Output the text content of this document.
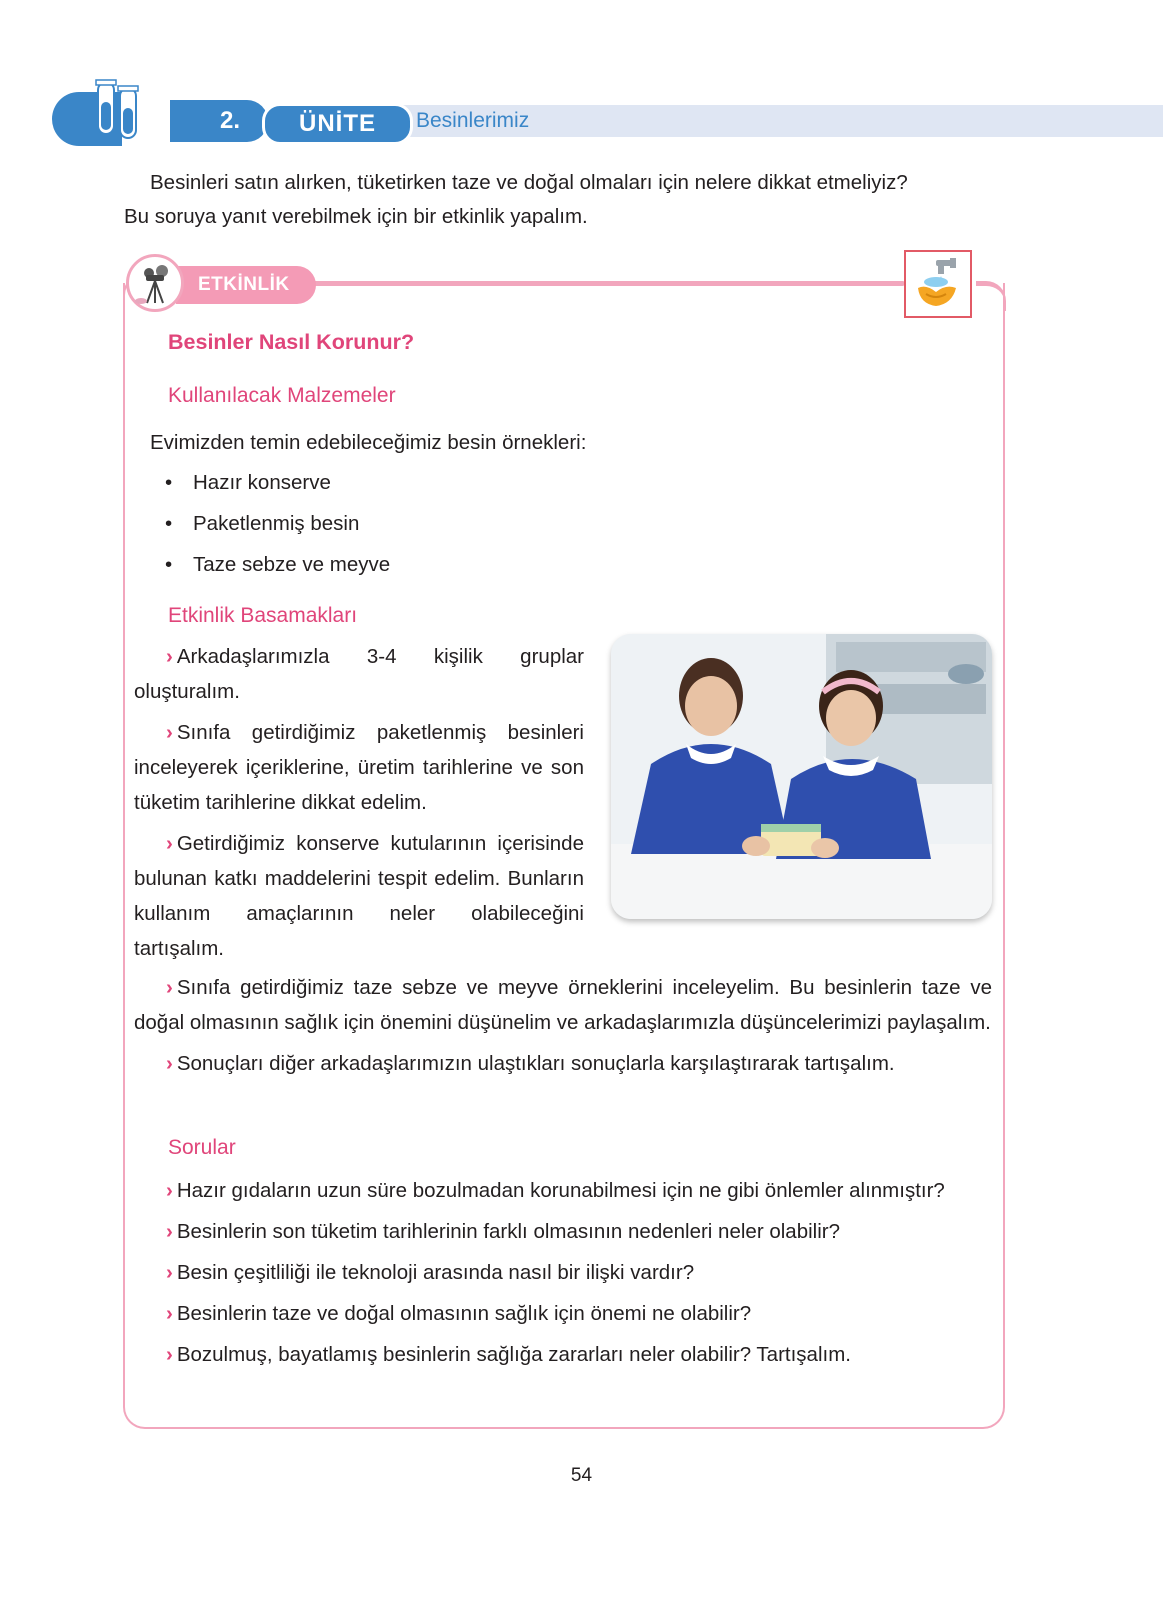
2.	ÜNİTE	Besinlerimiz

Besinleri satın alırken, tüketirken taze ve doğal olmaları için nelere dikkat etmeliyiz?

Bu soruya yanıt verebilmek için bir etkinlik yapalım.

ETKİNLİK
Besinler Nasıl Korunur?
Kullanılacak Malzemeler
Evimizden temin edebileceğimiz besin örnekleri:
• Hazır konserve
• Paketlenmiş besin
• Taze sebze ve meyve
Etkinlik Basamakları

› Arkadaşlarımızla 3-4 kişilik gruplar oluşturalım.

› Sınıfa getirdiğimiz paketlenmiş besinleri inceleyerek içeriklerine, üretim tarihlerine ve son tüketim tarihlerine dikkat edelim.

› Getirdiğimiz konserve kutularının içerisinde bulunan katkı maddelerini tespit edelim. Bunların kullanım amaçlarının neler olabileceğini tartışalım.

› Sınıfa getirdiğimiz taze sebze ve meyve örneklerini inceleyelim. Bu besinlerin taze ve doğal olmasının sağlık için önemini düşünelim ve arkadaşlarımızla düşüncelerimizi paylaşalım.

› Sonuçları diğer arkadaşlarımızın ulaştıkları sonuçlarla karşılaştırarak tartışalım.

Sorular

› Hazır gıdaların uzun süre bozulmadan korunabilmesi için ne gibi önlemler alınmıştır?

› Besinlerin son tüketim tarihlerinin farklı olmasının nedenleri neler olabilir?

› Besin çeşitliliği ile teknoloji arasında nasıl bir ilişki vardır?

› Besinlerin taze ve doğal olmasının sağlık için önemi ne olabilir?

› Bozulmuş, bayatlamış besinlerin sağlığa zararları neler olabilir? Tartışalım.

54
